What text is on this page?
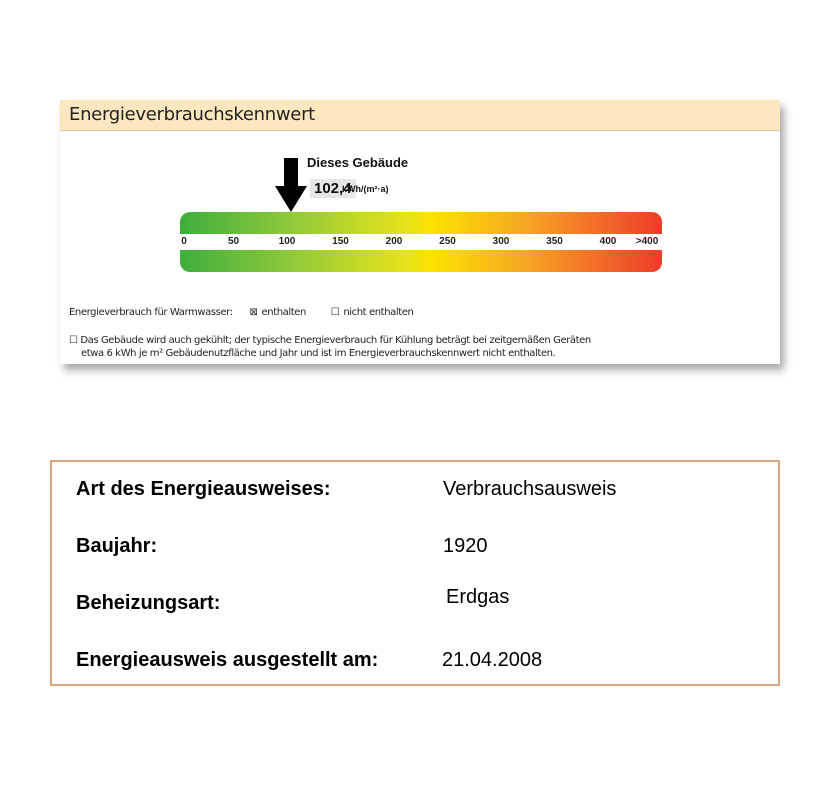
Energieverbrauchskennwert
Dieses Gebäude
102,4
kWh/(m²·a)
0	50	100	150	200	250	300	350	400 >400
Energieverbrauch für Warmwasser: ⊠ enthalten ☐ nicht enthalten
☐ Das Gebäude wird auch gekühlt; der typische Energieverbrauch für Kühlung beträgt bei zeitgemäßen Geräten
etwa 6 kWh je m² Gebäudenutzfläche und Jahr und ist im Energieverbrauchskennwert nicht enthalten.
Art des Energieausweises:	Verbrauchsausweis
Baujahr:	1920
Beheizungsart:	Erdgas
Energieausweis ausgestellt am:	21.04.2008
